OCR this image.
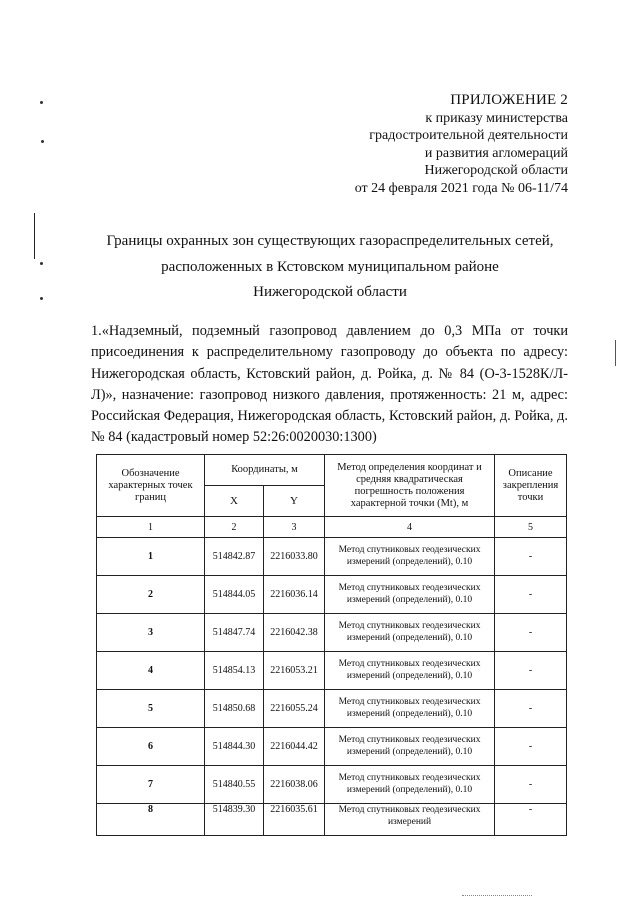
ПРИЛОЖЕНИЕ 2
к приказу министерства
градостроительной деятельности
и развития агломераций
Нижегородской области
от 24 февраля 2021 года № 06-11/74
Границы охранных зон существующих газораспределительных сетей,
расположенных в Кстовском муниципальном районе
Нижегородской области
1.«Надземный, подземный газопровод давлением до 0,3 МПа от точки присоединения к распределительному газопроводу до объекта по адресу: Нижегородская область, Кстовский район, д. Ройка, д. № 84 (О-3-1528К/Л-Л)», назначение: газопровод низкого давления, протяженность: 21 м, адрес: Российская Федерация, Нижегородская область, Кстовский район, д. Ройка, д. № 84 (кадастровый номер 52:26:0020030:1300)
Обозначение характерных точек границ	Координаты, м		Метод определения координат и средняя квадратическая погрешность положения характерной точки (Mt), м	Описание закрепления точки
	X	Y		
1	2	3	4	5
1	514842.87	2216033.80	Метод спутниковых геодезических измерений (определений), 0.10	-
2	514844.05	2216036.14	Метод спутниковых геодезических измерений (определений), 0.10	-
3	514847.74	2216042.38	Метод спутниковых геодезических измерений (определений), 0.10	-
4	514854.13	2216053.21	Метод спутниковых геодезических измерений (определений), 0.10	-
5	514850.68	2216055.24	Метод спутниковых геодезических измерений (определений), 0.10	-
6	514844.30	2216044.42	Метод спутниковых геодезических измерений (определений), 0.10	-
7	514840.55	2216038.06	Метод спутниковых геодезических измерений (определений), 0.10	-
8	514839.30	2216035.61	Метод спутниковых геодезических измерений	-
